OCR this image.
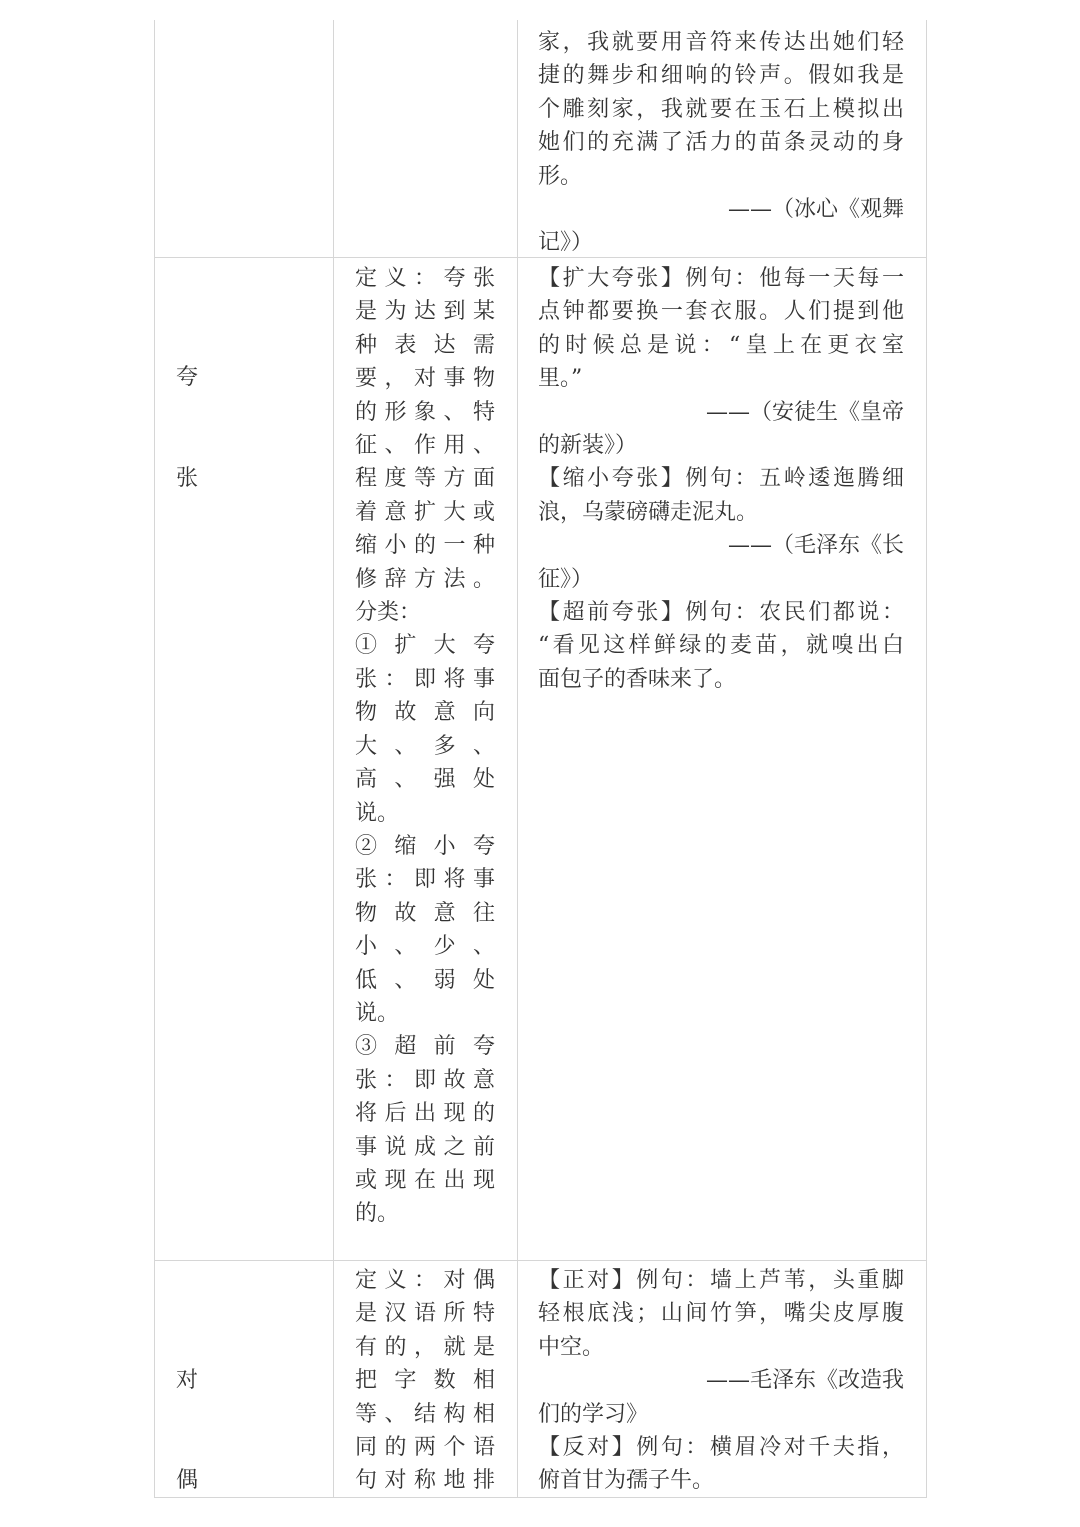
家，我就要用音符来传达出她们轻
捷的舞步和细响的铃声。假如我是
个雕刻家，我就要在玉石上模拟出
她们的充满了活力的苗条灵动的身
形。
——（冰心《观舞
记》）
夸
张
定义：夸张
是为达到某
种表达需
要，对事物
的形象、特
征、作用、
程度等方面
着意扩大或
缩小的一种
修辞方法。
分类：
①扩大夸
张：即将事
物故意向
大、多、
高、强处
说。
②缩小夸
张：即将事
物故意往
小、少、
低、弱处
说。
③超前夸
张：即故意
将后出现的
事说成之前
或现在出现
的。
【扩大夸张】例句：他每一天每一
点钟都要换一套衣服。人们提到他
的时候总是说：“皇上在更衣室
里。”
——（安徒生《皇帝
的新装》）
【缩小夸张】例句：五岭逶迤腾细
浪，乌蒙磅礴走泥丸。
——（毛泽东《长
征》）
【超前夸张】例句：农民们都说：
“看见这样鲜绿的麦苗，就嗅出白
面包子的香味来了。
对
偶
定义：对偶
是汉语所特
有的，就是
把字数相
等、结构相
同的两个语
句对称地排
【正对】例句：墙上芦苇，头重脚
轻根底浅；山间竹笋，嘴尖皮厚腹
中空。
——毛泽东《改造我
们的学习》
【反对】例句：横眉冷对千夫指，
俯首甘为孺子牛。
